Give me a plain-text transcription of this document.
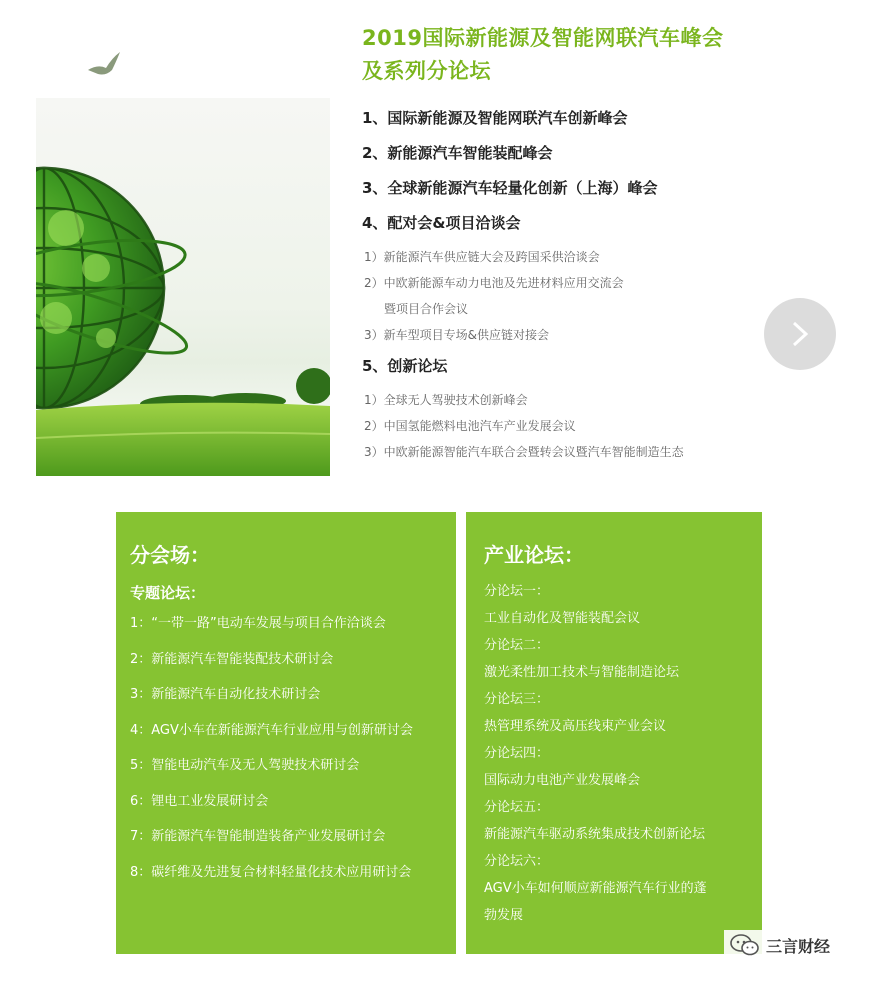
2019国际新能源及智能网联汽车峰会
及系列分论坛
1、国际新能源及智能网联汽车创新峰会
2、新能源汽车智能装配峰会
3、全球新能源汽车轻量化创新（上海）峰会
4、配对会&项目洽谈会
1）新能源汽车供应链大会及跨国采供洽谈会
2）中欧新能源车动力电池及先进材料应用交流会
暨项目合作会议
3）新车型项目专场&供应链对接会
5、创新论坛
1）全球无人驾驶技术创新峰会
2）中国氢能燃料电池汽车产业发展会议
3）中欧新能源智能汽车联合会暨转会议暨汽车智能制造生态
分会场：
专题论坛：
1：“一带一路”电动车发展与项目合作洽谈会
2：新能源汽车智能装配技术研讨会
3：新能源汽车自动化技术研讨会
4：AGV小车在新能源汽车行业应用与创新研讨会
5：智能电动汽车及无人驾驶技术研讨会
6：锂电工业发展研讨会
7：新能源汽车智能制造装备产业发展研讨会
8：碳纤维及先进复合材料轻量化技术应用研讨会
产业论坛：
分论坛一：
工业自动化及智能装配会议
分论坛二：
激光柔性加工技术与智能制造论坛
分论坛三：
热管理系统及高压线束产业会议
分论坛四：
国际动力电池产业发展峰会
分论坛五：
新能源汽车驱动系统集成技术创新论坛
分论坛六：
AGV小车如何顺应新能源汽车行业的蓬
勃发展
三言财经
